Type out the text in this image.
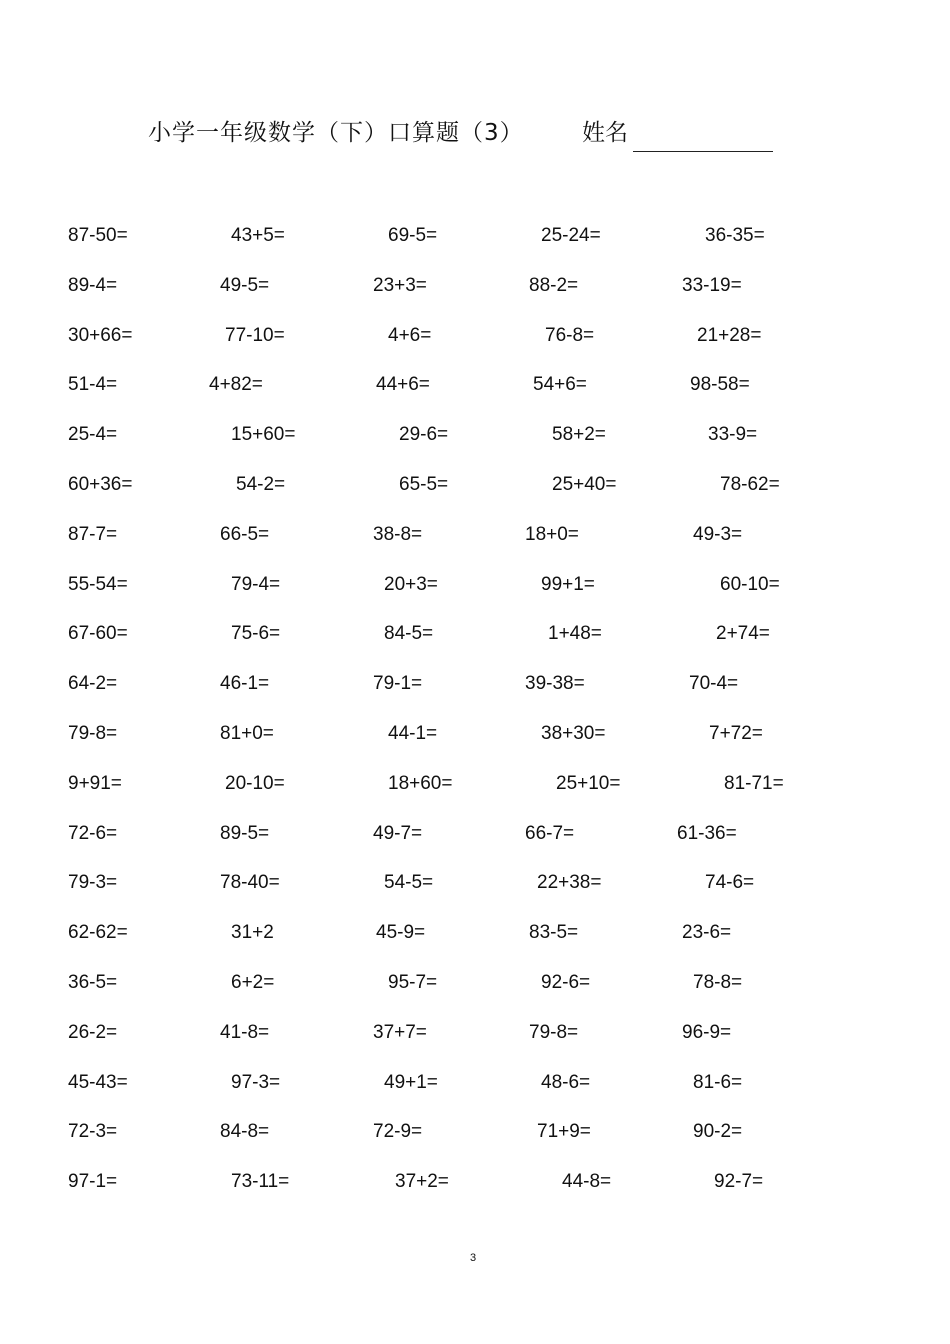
小学一年级数学（下）口算题（3）	姓名
87-50=	43+5=	69-5=	25-24=	36-35=
89-4=	49-5=	23+3=	88-2=	33-19=
30+66=	77-10=	4+6=	76-8=	21+28=
51-4=	4+82=	44+6=	54+6=	98-58=
25-4=	15+60=	29-6=	58+2=	33-9=
60+36=	54-2=	65-5=	25+40=	78-62=
87-7=	66-5=	38-8=	18+0=	49-3=
55-54=	79-4=	20+3=	99+1=	60-10=
67-60=	75-6=	84-5=	1+48=	2+74=
64-2=	46-1=	79-1=	39-38=	70-4=
79-8=	81+0=	44-1=	38+30=	7+72=
9+91=	20-10=	18+60=	25+10=	81-71=
72-6=	89-5=	49-7=	66-7=	61-36=
79-3=	78-40=	54-5=	22+38=	74-6=
62-62=	31+2	45-9=	83-5=	23-6=
36-5=	6+2=	95-7=	92-6=	78-8=
26-2=	41-8=	37+7=	79-8=	96-9=
45-43=	97-3=	49+1=	48-6=	81-6=
72-3=	84-8=	72-9=	71+9=	90-2=
97-1=	73-11=	37+2=	44-8=	92-7=
3
